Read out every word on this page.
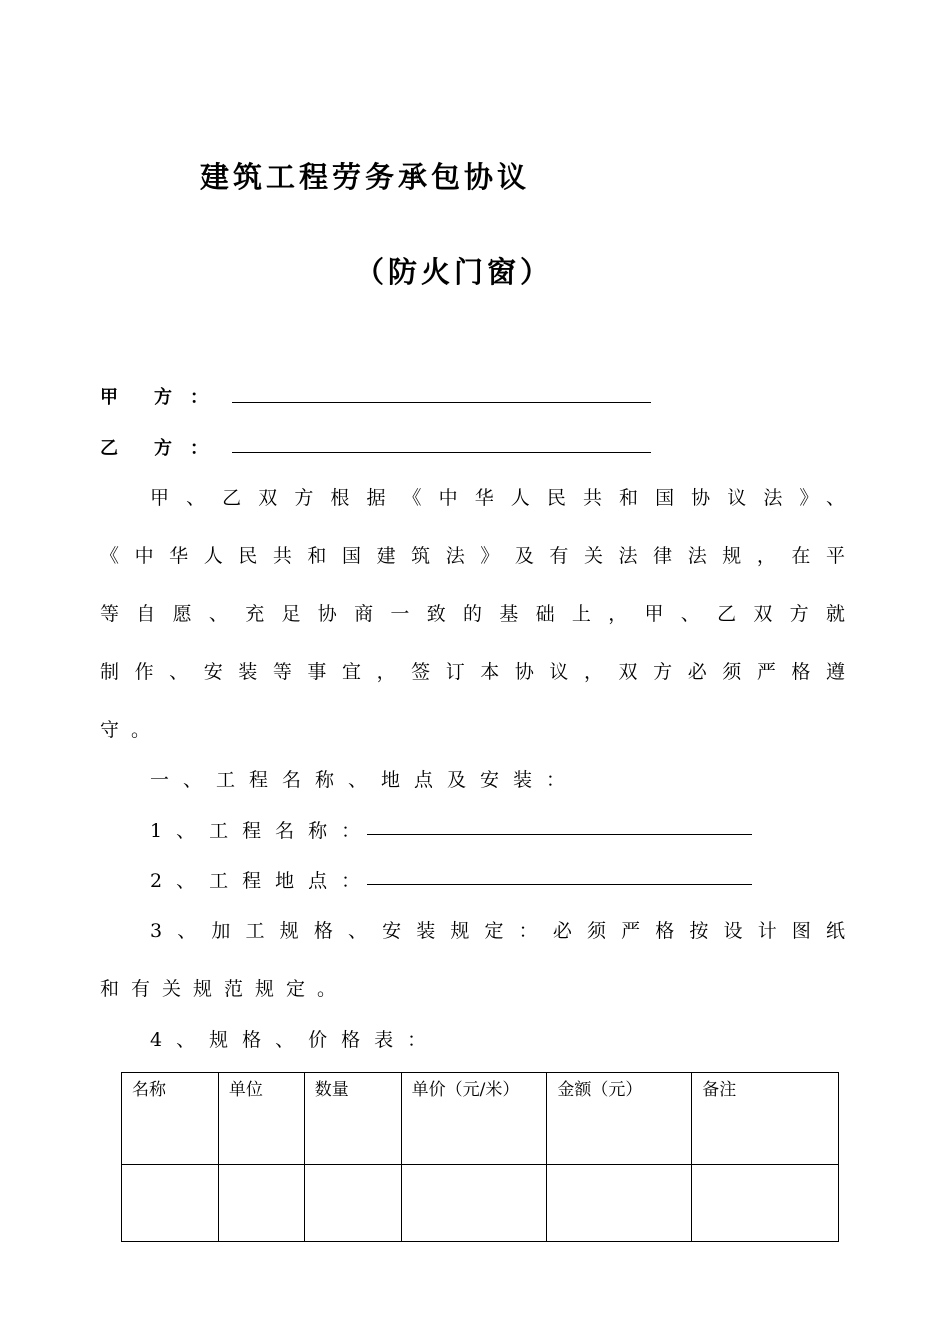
建筑工程劳务承包协议
（防火门窗）
甲　　方　：
乙　　方　：
甲、乙双方根据《中华人民共和国协议法》、
《中华人民共和国建筑法》及有关法律法规，在平
等自愿、充足协商一致的基础上，甲、乙双方就
制作、安装等事宜，签订本协议，双方必须严格遵
守。
一、工程名称、地点及安装：
1、工程名称：
2、工程地点：
3、加工规格、安装规定：必须严格按设计图纸
和有关规范规定。
4、规格、价格表：
名称	单位	数量	单价（元/米）	金额（元）	备注
